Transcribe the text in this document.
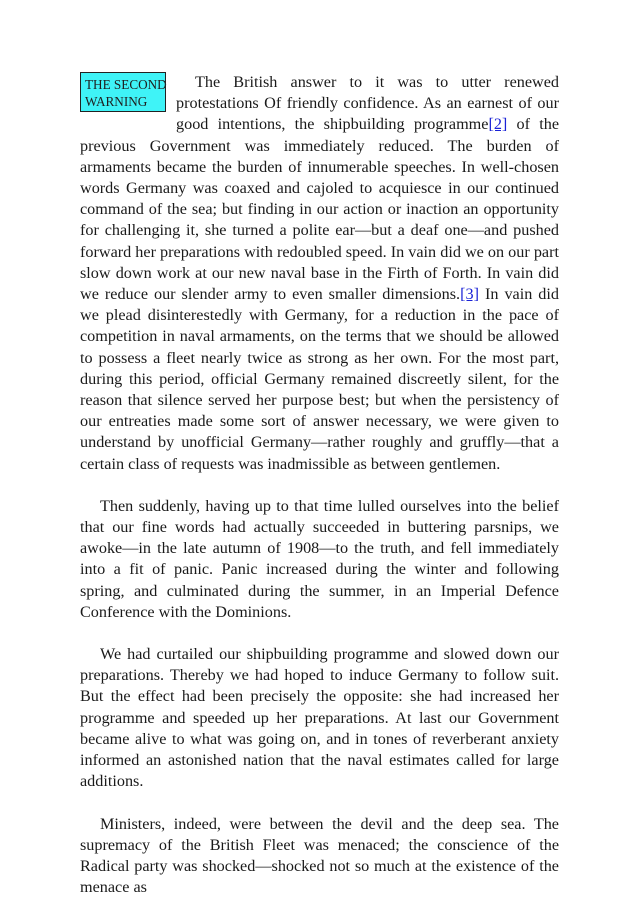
THE SECOND
WARNING

The British answer to it was to utter renewed protestations Of friendly confidence. As an earnest of our good intentions, the shipbuilding programme[2] of the previous Government was immediately reduced. The burden of armaments became the burden of innumerable speeches. In well-chosen words Germany was coaxed and cajoled to acquiesce in our continued command of the sea; but finding in our action or inaction an opportunity for challenging it, she turned a polite ear—but a deaf one—and pushed forward her preparations with redoubled speed. In vain did we on our part slow down work at our new naval base in the Firth of Forth. In vain did we reduce our slender army to even smaller dimensions.[3] In vain did we plead disinterestedly with Germany, for a reduction in the pace of competition in naval armaments, on the terms that we should be allowed to possess a fleet nearly twice as strong as her own. For the most part, during this period, official Germany remained discreetly silent, for the reason that silence served her purpose best; but when the persistency of our entreaties made some sort of answer necessary, we were given to understand by unofficial Germany—rather roughly and gruffly—that a certain class of requests was inadmissible as between gentlemen.

Then suddenly, having up to that time lulled ourselves into the belief that our fine words had actually succeeded in buttering parsnips, we awoke—in the late autumn of 1908—to the truth, and fell immediately into a fit of panic. Panic increased during the winter and following spring, and culminated during the summer, in an Imperial Defence Conference with the Dominions.

We had curtailed our shipbuilding programme and slowed down our preparations. Thereby we had hoped to induce Germany to follow suit. But the effect had been precisely the opposite: she had increased her programme and speeded up her preparations. At last our Government became alive to what was going on, and in tones of reverberant anxiety informed an astonished nation that the naval estimates called for large additions.

Ministers, indeed, were between the devil and the deep sea. The supremacy of the British Fleet was menaced; the conscience of the Radical party was shocked—shocked not so much at the existence of the menace as
